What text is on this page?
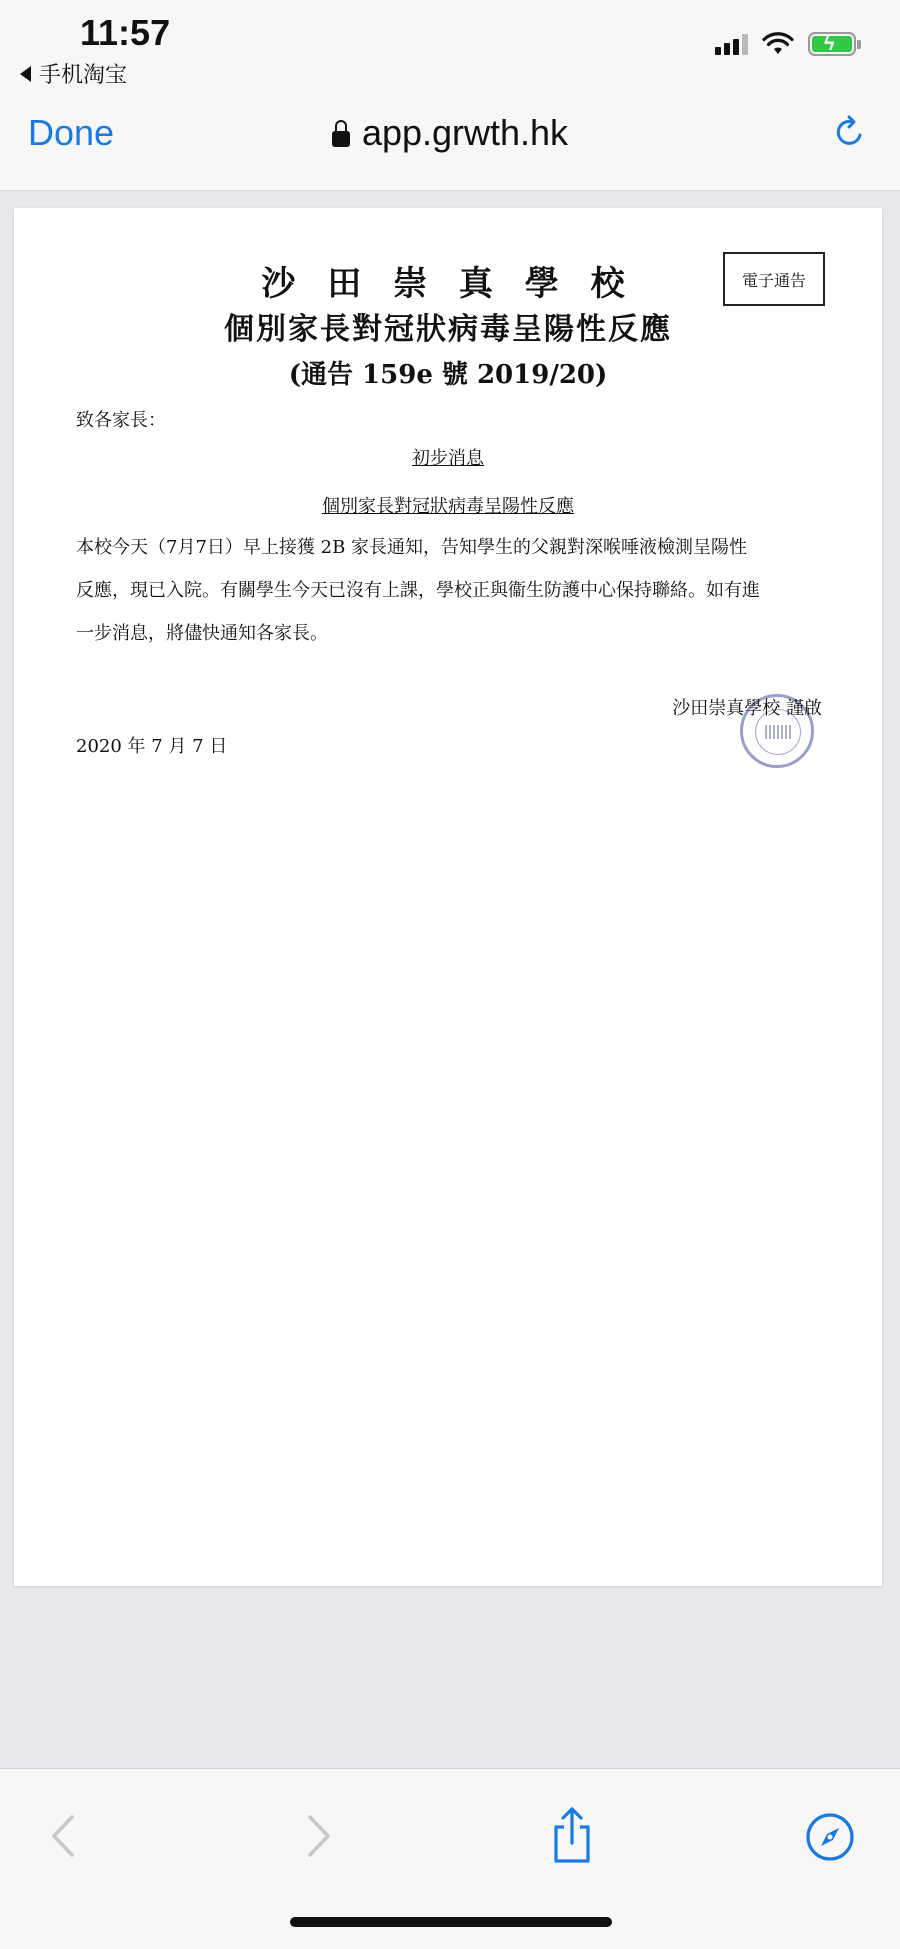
11:57
手机淘宝
ϟ
Done	app.grwth.hk
電子通告
沙 田 崇 真 學 校
個別家長對冠狀病毒呈陽性反應
(通告 159e 號 2019/20)
致各家長：
初步消息
個別家長對冠狀病毒呈陽性反應
本校今天（7月7日）早上接獲 2B 家長通知，告知學生的父親對深喉唾液檢測呈陽性
反應，現已入院。有關學生今天已沒有上課，學校正與衞生防護中心保持聯絡。如有進
一步消息，將儘快通知各家長。
沙田崇真學校 謹啟
2020 年 7 月 7 日
